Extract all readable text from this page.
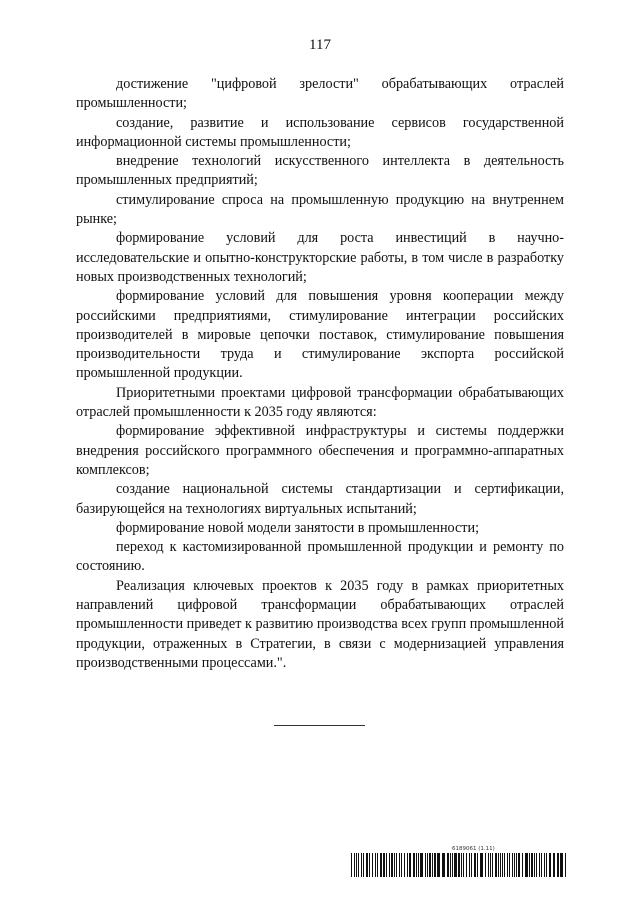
117

достижение "цифровой зрелости" обрабатывающих отраслей промышленности;

создание, развитие и использование сервисов государственной информационной системы промышленности;

внедрение технологий искусственного интеллекта в деятельность промышленных предприятий;

стимулирование спроса на промышленную продукцию на внутреннем рынке;

формирование условий для роста инвестиций в научно-исследовательские и опытно-конструкторские работы, в том числе в разработку новых производственных технологий;

формирование условий для повышения уровня кооперации между российскими предприятиями, стимулирование интеграции российских производителей в мировые цепочки поставок, стимулирование повышения производительности труда и стимулирование экспорта российской промышленной продукции.

Приоритетными проектами цифровой трансформации обрабатывающих отраслей промышленности к 2035 году являются:

формирование эффективной инфраструктуры и системы поддержки внедрения российского программного обеспечения и программно-аппаратных комплексов;

создание национальной системы стандартизации и сертификации, базирующейся на технологиях виртуальных испытаний;

формирование новой модели занятости в промышленности;

переход к кастомизированной промышленной продукции и ремонту по состоянию.

Реализация ключевых проектов к 2035 году в рамках приоритетных направлений цифровой трансформации обрабатывающих отраслей промышленности приведет к развитию производства всех групп промышленной продукции, отраженных в Стратегии, в связи с модернизацией управления производственными процессами.".

6189061 (1.11)
